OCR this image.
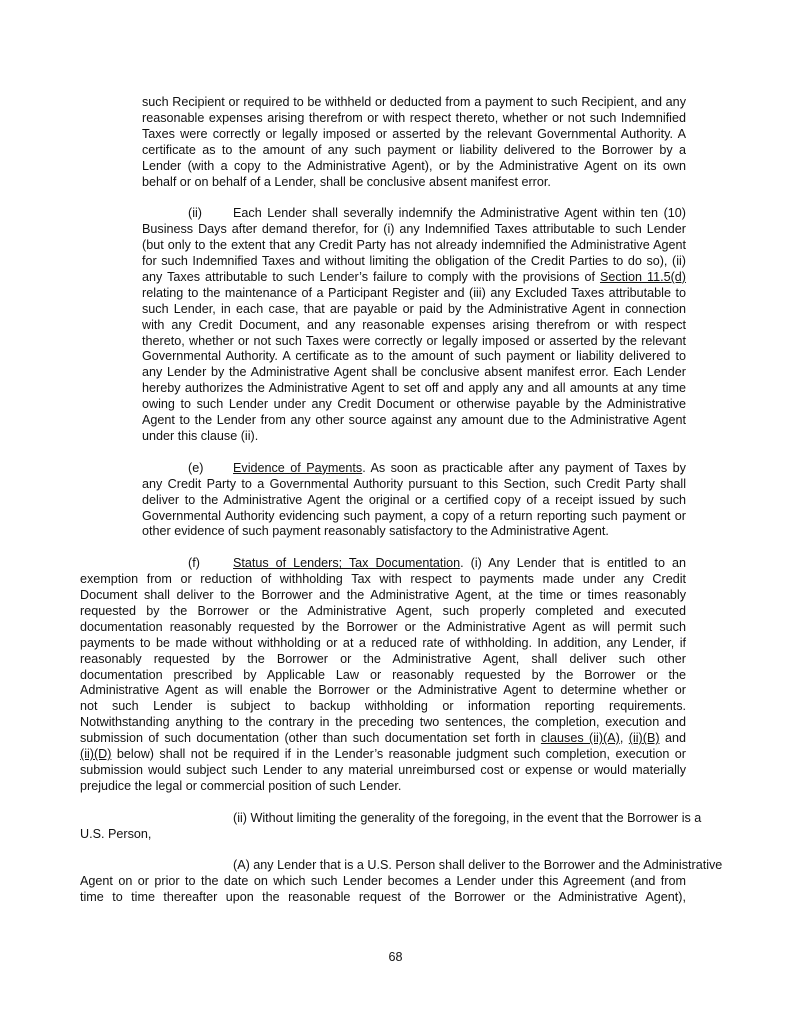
such Recipient or required to be withheld or deducted from a payment to such Recipient, and any
reasonable expenses arising therefrom or with respect thereto, whether or not such Indemnified
Taxes were correctly or legally imposed or asserted by the relevant Governmental Authority. A
certificate as to the amount of any such payment or liability delivered to the Borrower by a
Lender (with a copy to the Administrative Agent), or by the Administrative Agent on its own
behalf or on behalf of a Lender, shall be conclusive absent manifest error.
(ii) Each Lender shall severally indemnify the Administrative Agent within ten (10)
Business Days after demand therefor, for (i) any Indemnified Taxes attributable to such Lender
(but only to the extent that any Credit Party has not already indemnified the Administrative Agent
for such Indemnified Taxes and without limiting the obligation of the Credit Parties to do so), (ii)
any Taxes attributable to such Lender’s failure to comply with the provisions of Section 11.5(d)
relating to the maintenance of a Participant Register and (iii) any Excluded Taxes attributable to
such Lender, in each case, that are payable or paid by the Administrative Agent in connection
with any Credit Document, and any reasonable expenses arising therefrom or with respect
thereto, whether or not such Taxes were correctly or legally imposed or asserted by the relevant
Governmental Authority. A certificate as to the amount of such payment or liability delivered to
any Lender by the Administrative Agent shall be conclusive absent manifest error. Each Lender
hereby authorizes the Administrative Agent to set off and apply any and all amounts at any time
owing to such Lender under any Credit Document or otherwise payable by the Administrative
Agent to the Lender from any other source against any amount due to the Administrative Agent
under this clause (ii).
(e) Evidence of Payments. As soon as practicable after any payment of Taxes by
any Credit Party to a Governmental Authority pursuant to this Section, such Credit Party shall
deliver to the Administrative Agent the original or a certified copy of a receipt issued by such
Governmental Authority evidencing such payment, a copy of a return reporting such payment or
other evidence of such payment reasonably satisfactory to the Administrative Agent.
(f)	Status of Lenders; Tax Documentation. (i) Any Lender that is entitled to an
exemption from or reduction of withholding Tax with respect to payments made under any Credit
Document shall deliver to the Borrower and the Administrative Agent, at the time or times reasonably
requested by the Borrower or the Administrative Agent, such properly completed and executed
documentation reasonably requested by the Borrower or the Administrative Agent as will permit such
payments to be made without withholding or at a reduced rate of withholding. In addition, any Lender, if
reasonably requested by the Borrower or the Administrative Agent, shall deliver such other
documentation prescribed by Applicable Law or reasonably requested by the Borrower or the
Administrative Agent as will enable the Borrower or the Administrative Agent to determine whether or
not such Lender is subject to backup withholding or information reporting requirements.
Notwithstanding anything to the contrary in the preceding two sentences, the completion, execution and
submission of such documentation (other than such documentation set forth in clauses (ii)(A), (ii)(B) and
(ii)(D) below) shall not be required if in the Lender’s reasonable judgment such completion, execution or
submission would subject such Lender to any material unreimbursed cost or expense or would materially
prejudice the legal or commercial position of such Lender.
(ii) Without limiting the generality of the foregoing, in the event that the Borrower is a
U.S. Person,
(A) any Lender that is a U.S. Person shall deliver to the Borrower and the Administrative
Agent on or prior to the date on which such Lender becomes a Lender under this Agreement (and from
time to time thereafter upon the reasonable request of the Borrower or the Administrative Agent),
68
